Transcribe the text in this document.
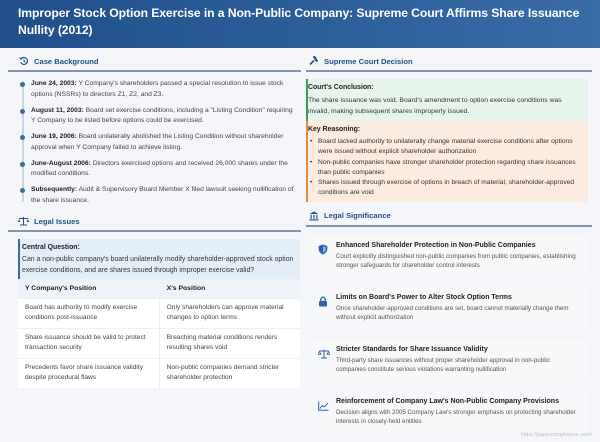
Improper Stock Option Exercise in a Non-Public Company: Supreme Court Affirms Share Issuance Nullity (2012)
Case Background
June 24, 2003: Y Company's shareholders passed a special resolution to issue stock options (NSSRs) to directors Z1, Z2, and Z3.
August 11, 2003: Board set exercise conditions, including a "Listing Condition" requiring Y Company to be listed before options could be exercised.
June 19, 2006: Board unilaterally abolished the Listing Condition without shareholder approval when Y Company failed to achieve listing.
June-August 2006: Directors exercised options and received 26,000 shares under the modified conditions.
Subsequently: Audit & Supervisory Board Member X filed lawsuit seeking nullification of the share issuance.
Legal Issues
Central Question:
Can a non-public company's board unilaterally modify shareholder-approved stock option exercise conditions, and are shares issued through improper exercise valid?
Y Company's Position	X's Position
Board has authority to modify exercise conditions post-issuance	Only shareholders can approve material changes to option terms
Share issuance should be valid to protect transaction security	Breaching material conditions renders resulting shares void
Precedents favor share issuance validity despite procedural flaws	Non-public companies demand stricter shareholder protection
Supreme Court Decision
Court's Conclusion:
The share issuance was void. Board's amendment to option exercise conditions was invalid, making subsequent shares improperly issued.
Key Reasoning:
• Board lacked authority to unilaterally change material exercise conditions after options were issued without explicit shareholder authorization
• Non-public companies have stronger shareholder protection regarding share issuances than public companies
• Shares issued through exercise of options in breach of material, shareholder-approved conditions are void
Legal Significance
Enhanced Shareholder Protection in Non-Public Companies
Court explicitly distinguished non-public companies from public companies, establishing stronger safeguards for shareholder control interests
Limits on Board's Power to Alter Stock Option Terms
Once shareholder-approved conditions are set, board cannot materially change them without explicit authorization
Stricter Standards for Share Issuance Validity
Third-party share issuances without proper shareholder approval in non-public companies constitute serious violations warranting nullification
Reinforcement of Company Law's Non-Public Company Provisions
Decision aligns with 2005 Company Law's stronger emphasis on protecting shareholder interests in closely-held entities
https://japancompliance.com/
